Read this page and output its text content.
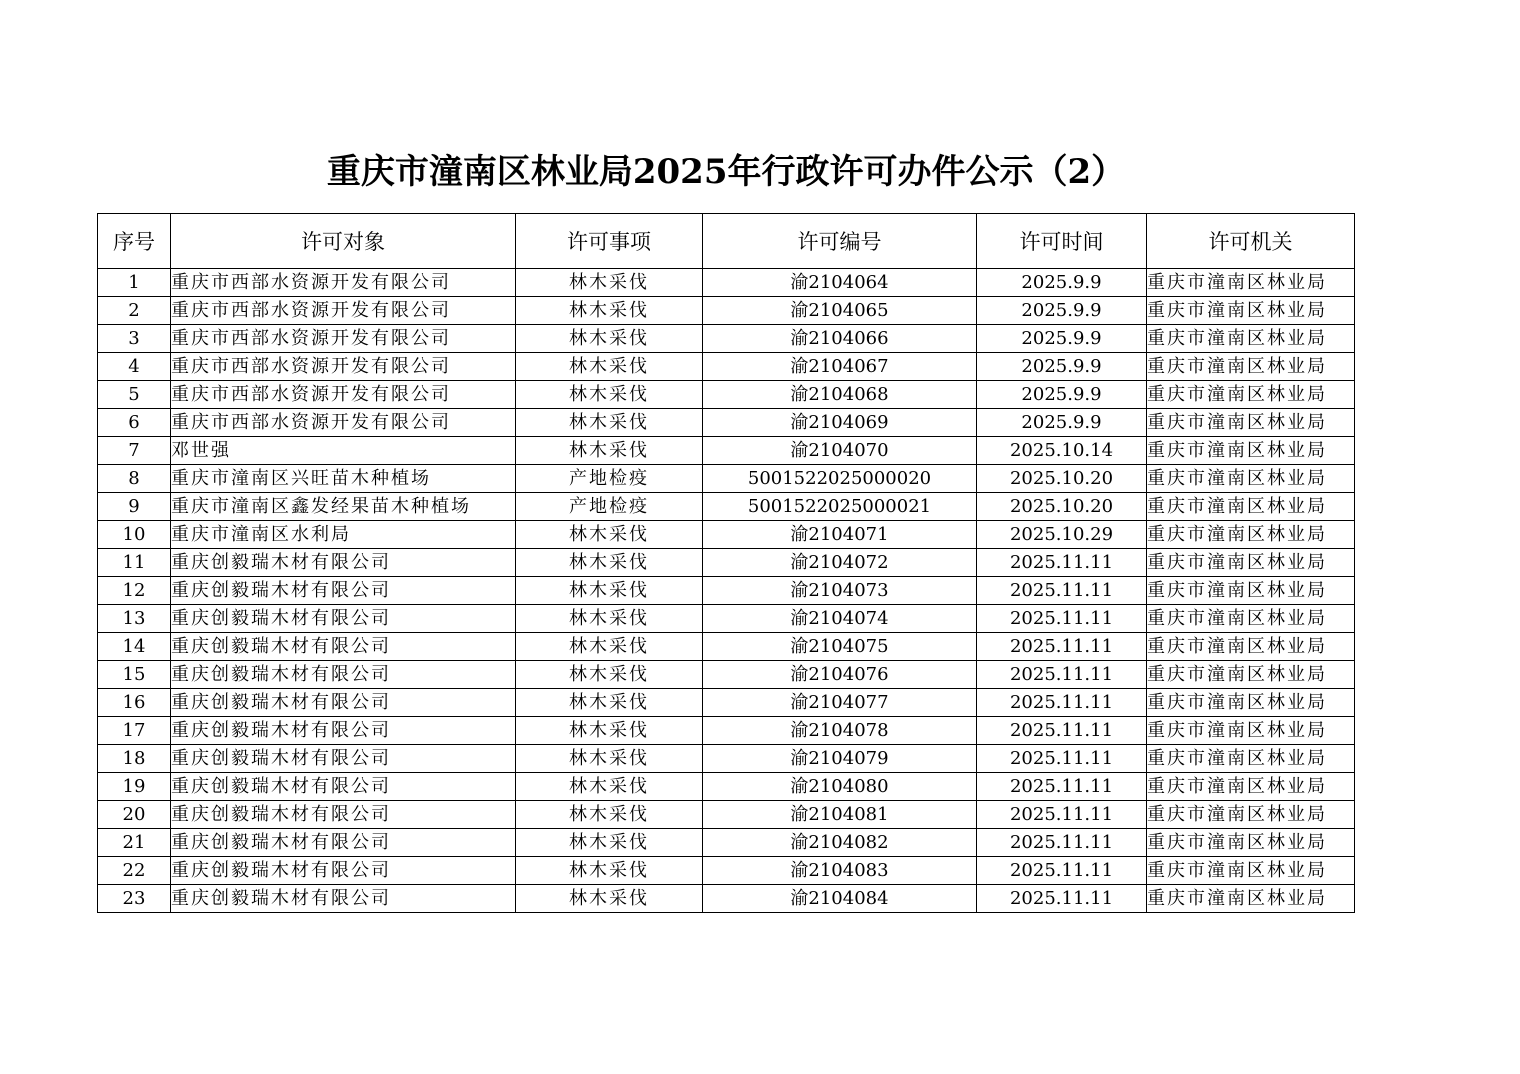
重庆市潼南区林业局2025年行政许可办件公示（2）
序号	许可对象	许可事项	许可编号	许可时间	许可机关
1	重庆市西部水资源开发有限公司	林木采伐	渝2104064	2025.9.9	重庆市潼南区林业局
2	重庆市西部水资源开发有限公司	林木采伐	渝2104065	2025.9.9	重庆市潼南区林业局
3	重庆市西部水资源开发有限公司	林木采伐	渝2104066	2025.9.9	重庆市潼南区林业局
4	重庆市西部水资源开发有限公司	林木采伐	渝2104067	2025.9.9	重庆市潼南区林业局
5	重庆市西部水资源开发有限公司	林木采伐	渝2104068	2025.9.9	重庆市潼南区林业局
6	重庆市西部水资源开发有限公司	林木采伐	渝2104069	2025.9.9	重庆市潼南区林业局
7	邓世强	林木采伐	渝2104070	2025.10.14	重庆市潼南区林业局
8	重庆市潼南区兴旺苗木种植场	产地检疫	5001522025000020	2025.10.20	重庆市潼南区林业局
9	重庆市潼南区鑫发经果苗木种植场	产地检疫	5001522025000021	2025.10.20	重庆市潼南区林业局
10	重庆市潼南区水利局	林木采伐	渝2104071	2025.10.29	重庆市潼南区林业局
11	重庆创毅瑞木材有限公司	林木采伐	渝2104072	2025.11.11	重庆市潼南区林业局
12	重庆创毅瑞木材有限公司	林木采伐	渝2104073	2025.11.11	重庆市潼南区林业局
13	重庆创毅瑞木材有限公司	林木采伐	渝2104074	2025.11.11	重庆市潼南区林业局
14	重庆创毅瑞木材有限公司	林木采伐	渝2104075	2025.11.11	重庆市潼南区林业局
15	重庆创毅瑞木材有限公司	林木采伐	渝2104076	2025.11.11	重庆市潼南区林业局
16	重庆创毅瑞木材有限公司	林木采伐	渝2104077	2025.11.11	重庆市潼南区林业局
17	重庆创毅瑞木材有限公司	林木采伐	渝2104078	2025.11.11	重庆市潼南区林业局
18	重庆创毅瑞木材有限公司	林木采伐	渝2104079	2025.11.11	重庆市潼南区林业局
19	重庆创毅瑞木材有限公司	林木采伐	渝2104080	2025.11.11	重庆市潼南区林业局
20	重庆创毅瑞木材有限公司	林木采伐	渝2104081	2025.11.11	重庆市潼南区林业局
21	重庆创毅瑞木材有限公司	林木采伐	渝2104082	2025.11.11	重庆市潼南区林业局
22	重庆创毅瑞木材有限公司	林木采伐	渝2104083	2025.11.11	重庆市潼南区林业局
23	重庆创毅瑞木材有限公司	林木采伐	渝2104084	2025.11.11	重庆市潼南区林业局
